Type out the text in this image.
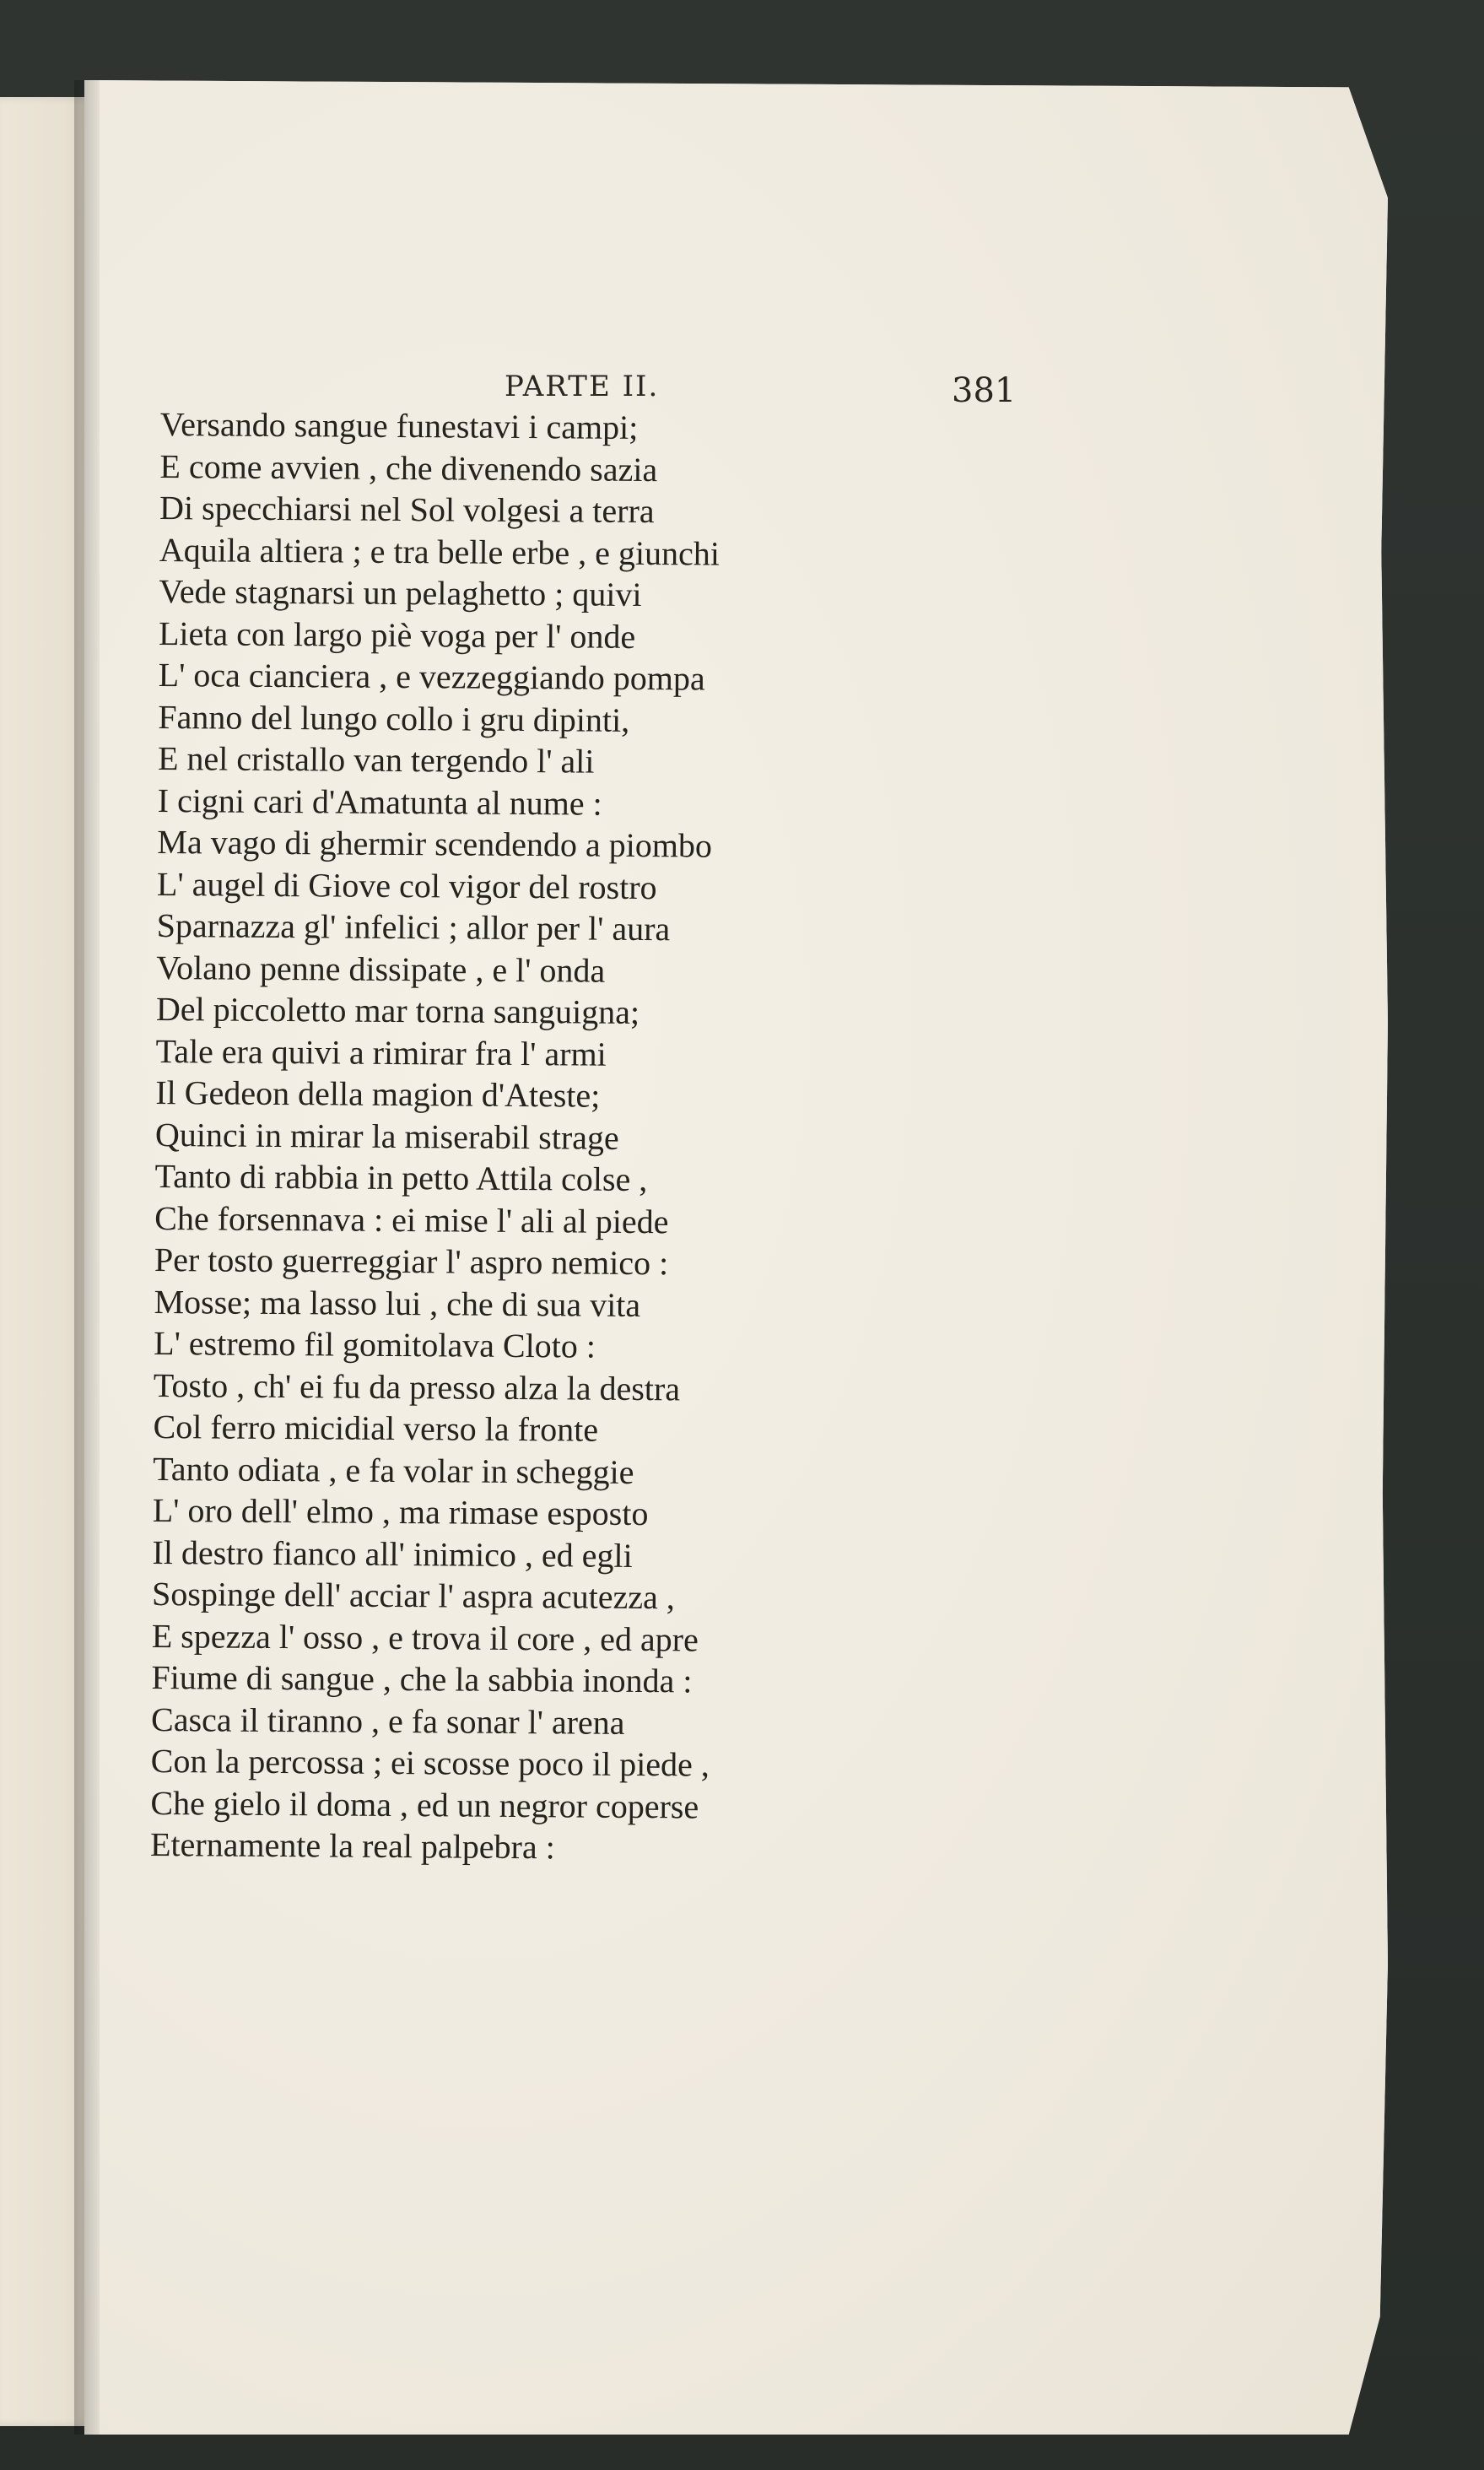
PARTE II.	381
Versando sangue funestavi i campi;
E come avvien , che divenendo sazia
Di specchiarsi nel Sol volgesi a terra
Aquila altiera ; e tra belle erbe , e giunchi
Vede stagnarsi un pelaghetto ; quivi
Lieta con largo piè voga per l' onde
L' oca cianciera , e vezzeggiando pompa
Fanno del lungo collo i gru dipinti,
E nel cristallo van tergendo l' ali
I cigni cari d'Amatunta al nume :
Ma vago di ghermir scendendo a piombo
L' augel di Giove col vigor del rostro
Sparnazza gl' infelici ; allor per l' aura
Volano penne dissipate , e l' onda
Del piccoletto mar torna sanguigna;
Tale era quivi a rimirar fra l' armi
Il Gedeon della magion d'Ateste;
Quinci in mirar la miserabil strage
Tanto di rabbia in petto Attila colse ,
Che forsennava : ei mise l' ali al piede
Per tosto guerreggiar l' aspro nemico :
Mosse; ma lasso lui , che di sua vita
L' estremo fil gomitolava Cloto :
Tosto , ch' ei fu da presso alza la destra
Col ferro micidial verso la fronte
Tanto odiata , e fa volar in scheggie
L' oro dell' elmo , ma rimase esposto
Il destro fianco all' inimico , ed egli
Sospinge dell' acciar l' aspra acutezza ,
E spezza l' osso , e trova il core , ed apre
Fiume di sangue , che la sabbia inonda :
Casca il tiranno , e fa sonar l' arena
Con la percossa ; ei scosse poco il piede ,
Che gielo il doma , ed un negror coperse
Eternamente la real palpebra :
